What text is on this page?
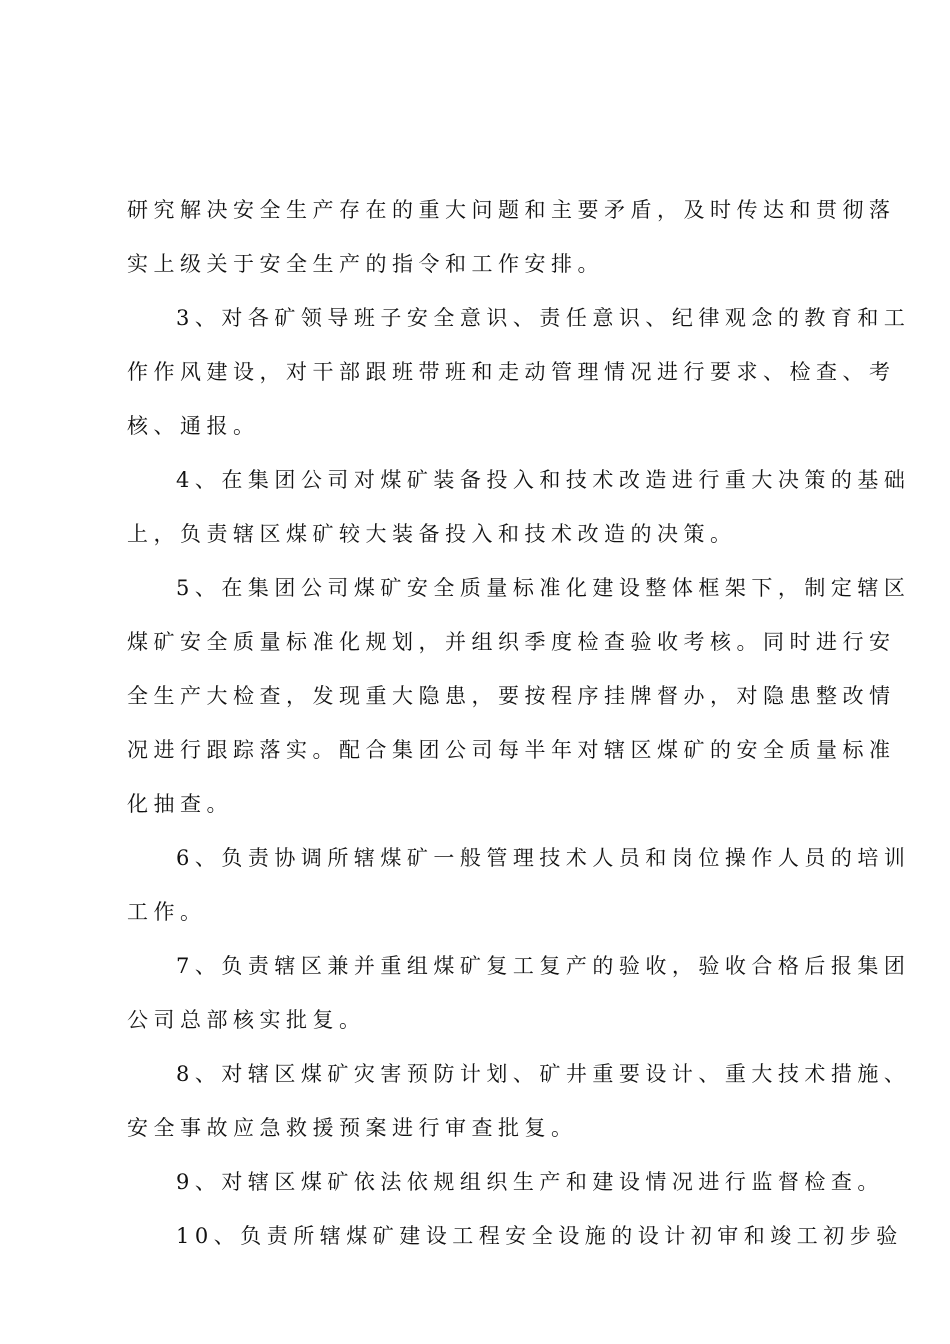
研究解决安全生产存在的重大问题和主要矛盾，及时传达和贯彻落
实上级关于安全生产的指令和工作安排。
3、对各矿领导班子安全意识、责任意识、纪律观念的教育和工
作作风建设，对干部跟班带班和走动管理情况进行要求、检查、考
核、通报。
4、在集团公司对煤矿装备投入和技术改造进行重大决策的基础
上，负责辖区煤矿较大装备投入和技术改造的决策。
5、在集团公司煤矿安全质量标准化建设整体框架下，制定辖区
煤矿安全质量标准化规划，并组织季度检查验收考核。同时进行安
全生产大检查，发现重大隐患，要按程序挂牌督办，对隐患整改情
况进行跟踪落实。配合集团公司每半年对辖区煤矿的安全质量标准
化抽查。
6、负责协调所辖煤矿一般管理技术人员和岗位操作人员的培训
工作。
7、负责辖区兼并重组煤矿复工复产的验收，验收合格后报集团
公司总部核实批复。
8、对辖区煤矿灾害预防计划、矿井重要设计、重大技术措施、
安全事故应急救援预案进行审查批复。
9、对辖区煤矿依法依规组织生产和建设情况进行监督检查。
10、负责所辖煤矿建设工程安全设施的设计初审和竣工初步验
